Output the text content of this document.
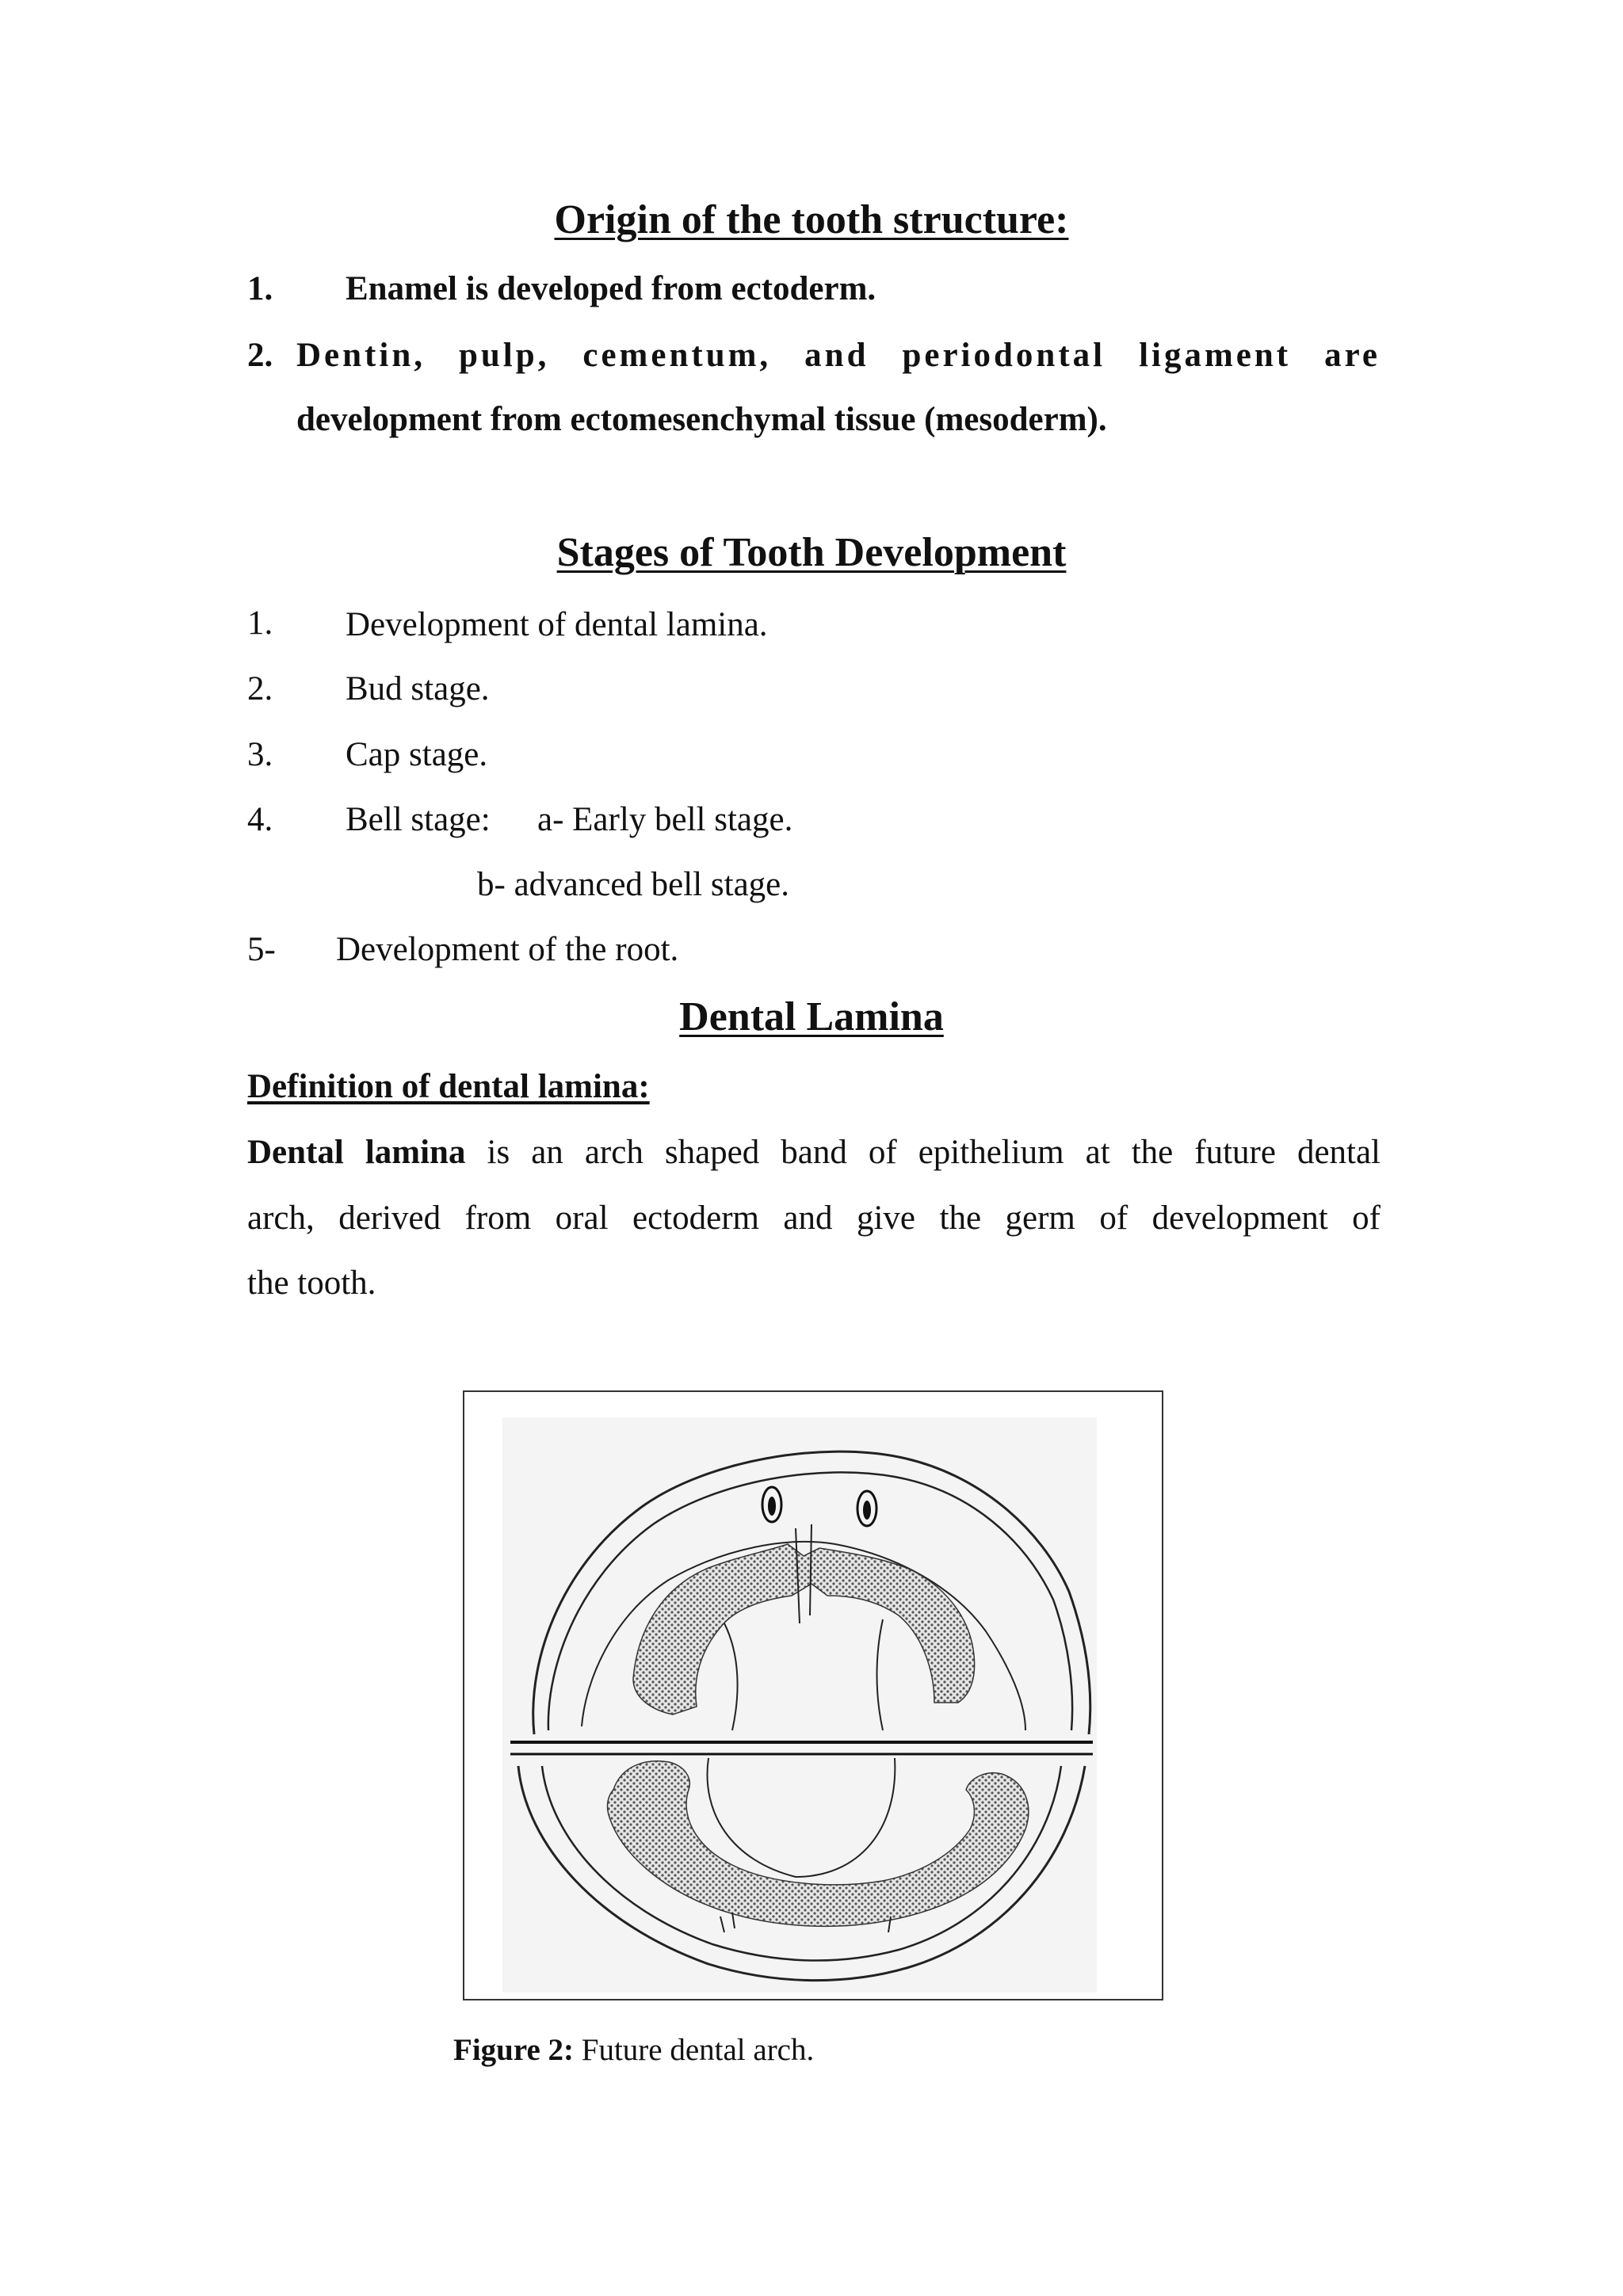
Origin of the tooth structure:
1. Enamel is developed from ectoderm.
2. Dentin, pulp, cementum, and periodontal ligament are
development from ectomesenchymal tissue (mesoderm).
Stages of Tooth Development
1. Development of dental lamina.
2. Bud stage.
3. Cap stage.
4. Bell stage: a- Early bell stage.
b- advanced bell stage.
5- Development of the root.
Dental Lamina
Definition of dental lamina:
Dental lamina is an arch shaped band of epithelium at the future dental
arch, derived from oral ectoderm and give the germ of development of
the tooth.
Figure 2: Future dental arch.
